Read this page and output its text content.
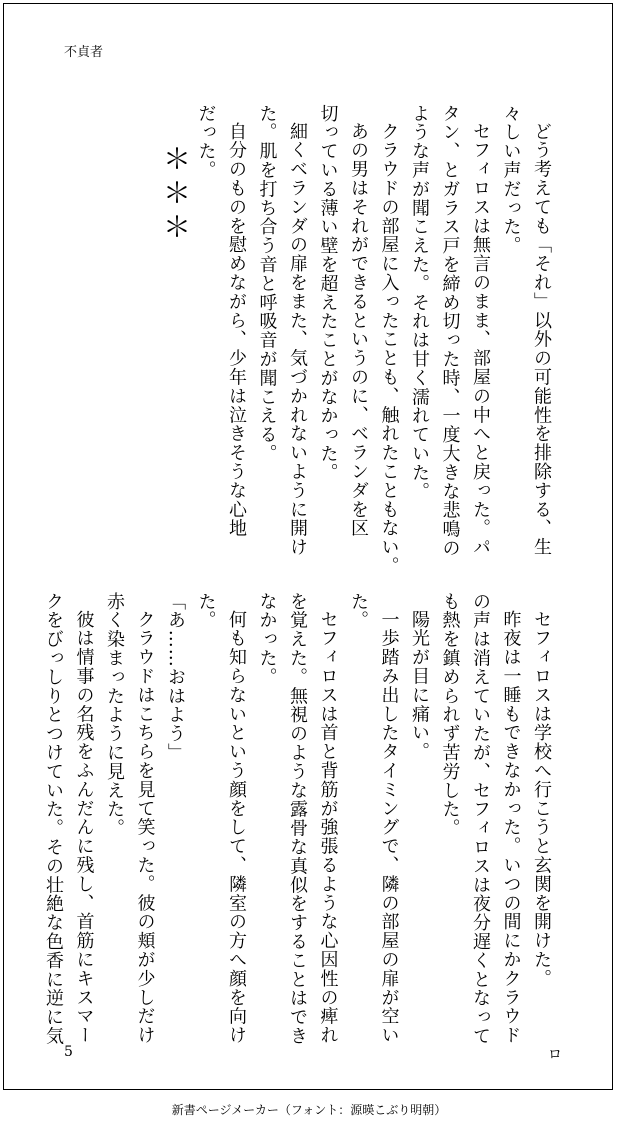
不貞者
どう考えても「それ」以外の可能性を排除する、生
々しい声だった。
セフィロスは無言のまま、部屋の中へと戻った。パ
タン、とガラス戸を締め切った時、一度大きな悲鳴の
ような声が聞こえた。それは甘く濡れていた。
クラウドの部屋に入ったことも、触れたこともない。
あの男はそれができるというのに、ベランダを区
切っている薄い壁を超えたことがなかった。
細くベランダの扉をまた、気づかれないように開け
た。肌を打ち合う音と呼吸音が聞こえる。
自分のものを慰めながら、少年は泣きそうな心地
だった。
＊＊＊
セフィロスは学校へ行こうと玄関を開けた。
昨夜は一睡もできなかった。いつの間にかクラウド
の声は消えていたが、セフィロスは夜分遅くとなって
も熱を鎮められず苦労した。
陽光が目に痛い。
一歩踏み出したタイミングで、隣の部屋の扉が空い
た。
セフィロスは首と背筋が強張るような心因性の痺れ
を覚えた。無視のような露骨な真似をすることはでき
なかった。
何も知らないという顔をして、隣室の方へ顔を向け
た。
「あ……おはよう」
クラウドはこちらを見て笑った。彼の頬が少しだけ
赤く染まったように見えた。
彼は情事の名残をふんだんに残し、首筋にキスマー
クをびっしりとつけていた。その壮絶な色香に逆に気
5	ロ
新書ページメーカー（フォント：源暎こぶり明朝）
